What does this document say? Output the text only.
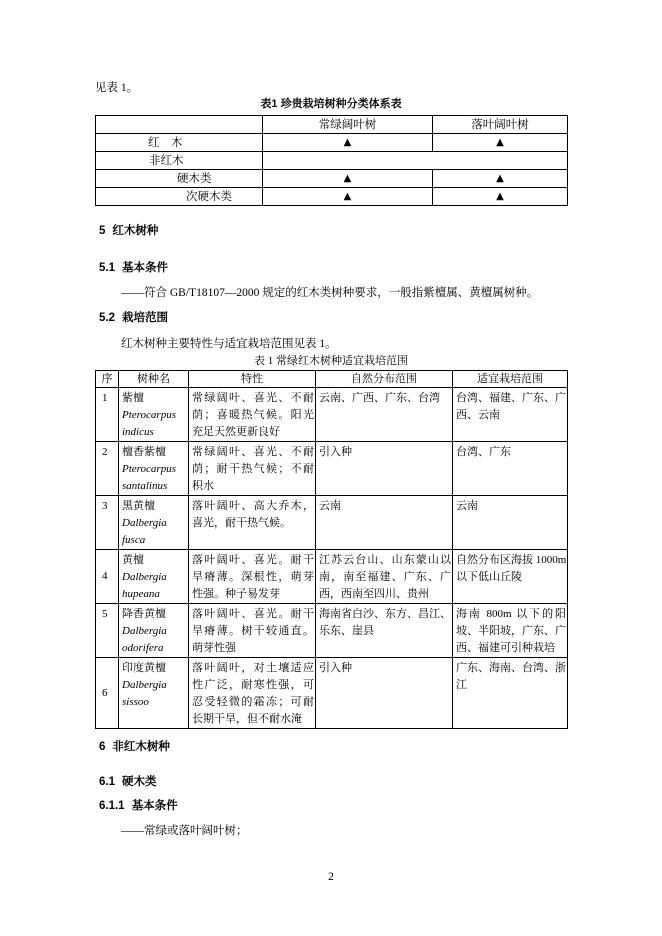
见表 1。
表1 珍贵栽培树种分类体系表
	常绿阔叶树	落叶阔叶树
红　木	▲	▲
非红木		
硬木类	▲	▲
次硬木类	▲	▲
5 红木树种
5.1 基本条件
——符合 GB/T18107—2000 规定的红木类树种要求，一般指紫檀属、黄檀属树种。
5.2 栽培范围
红木树种主要特性与适宜栽培范围见表 1。
表 1 常绿红木树种适宜栽培范围
序	树种名	特性	自然分布范围	适宜栽培范围

1	紫檀
Pterocarpus
indicus	常绿阔叶、喜光、不耐
荫；喜暖热气候。阳光
充足天然更新良好	云南、广西、广东、台湾	台湾、福建、广东、广
西、云南

2	檀香紫檀
Pterocarpus
santalinus	常绿阔叶、喜光、不耐
荫；耐干热气候；不耐
积水	引入种	台湾、广东

3	黑黄檀
Dalbergia
fusca	落叶阔叶、高大乔木，
喜光，耐干热气候。	云南	云南

4	黄檀
Dalbergia
hupeana	落叶阔叶、喜光。耐干
旱瘠薄。深根性，萌芽
性强。种子易发芽	江苏云台山、山东蒙山以
南，南至福建、广东、广
西，西南至四川、贵州	自然分布区海拔 1000m
以下低山丘陵

5	降香黄檀
Dalbergia
odorifera	落叶阔叶、喜光。耐干
旱瘠薄。树干较通直。
萌芽性强	海南省白沙、东方、昌江、
乐东、崖县	海南 800m 以下的阳
坡、半阳坡，广东、广
西、福建可引种栽培

6	印度黄檀
Dalbergia
sissoo	落叶阔叶，对土壤适应
性广泛，耐寒性强，可
忍受轻微的霜冻；可耐
长期干旱，但不耐水淹	引入种	广东、海南、台湾、浙
江
6 非红木树种
6.1 硬木类
6.1.1 基本条件
——常绿或落叶阔叶树；
2
